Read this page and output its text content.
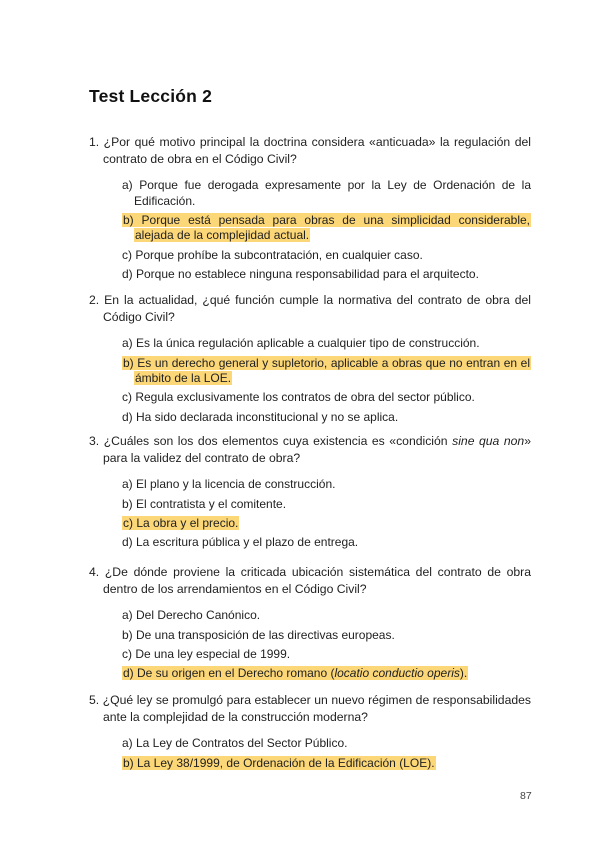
Test Lección 2
1. ¿Por qué motivo principal la doctrina considera «anticuada» la regulación del contrato de obra en el Código Civil?
a) Porque fue derogada expresamente por la Ley de Ordenación de la Edificación.
b) Porque está pensada para obras de una simplicidad considerable, alejada de la complejidad actual.
c) Porque prohíbe la subcontratación, en cualquier caso.
d) Porque no establece ninguna responsabilidad para el arquitecto.
2. En la actualidad, ¿qué función cumple la normativa del contrato de obra del Código Civil?
a) Es la única regulación aplicable a cualquier tipo de construcción.
b) Es un derecho general y supletorio, aplicable a obras que no entran en el ámbito de la LOE.
c) Regula exclusivamente los contratos de obra del sector público.
d) Ha sido declarada inconstitucional y no se aplica.
3. ¿Cuáles son los dos elementos cuya existencia es «condición sine qua non» para la validez del contrato de obra?
a) El plano y la licencia de construcción.
b) El contratista y el comitente.
c) La obra y el precio.
d) La escritura pública y el plazo de entrega.
4. ¿De dónde proviene la criticada ubicación sistemática del contrato de obra dentro de los arrendamientos en el Código Civil?
a) Del Derecho Canónico.
b) De una transposición de las directivas europeas.
c) De una ley especial de 1999.
d) De su origen en el Derecho romano (locatio conductio operis).
5. ¿Qué ley se promulgó para establecer un nuevo régimen de responsabilidades ante la complejidad de la construcción moderna?
a) La Ley de Contratos del Sector Público.
b) La Ley 38/1999, de Ordenación de la Edificación (LOE).
87
